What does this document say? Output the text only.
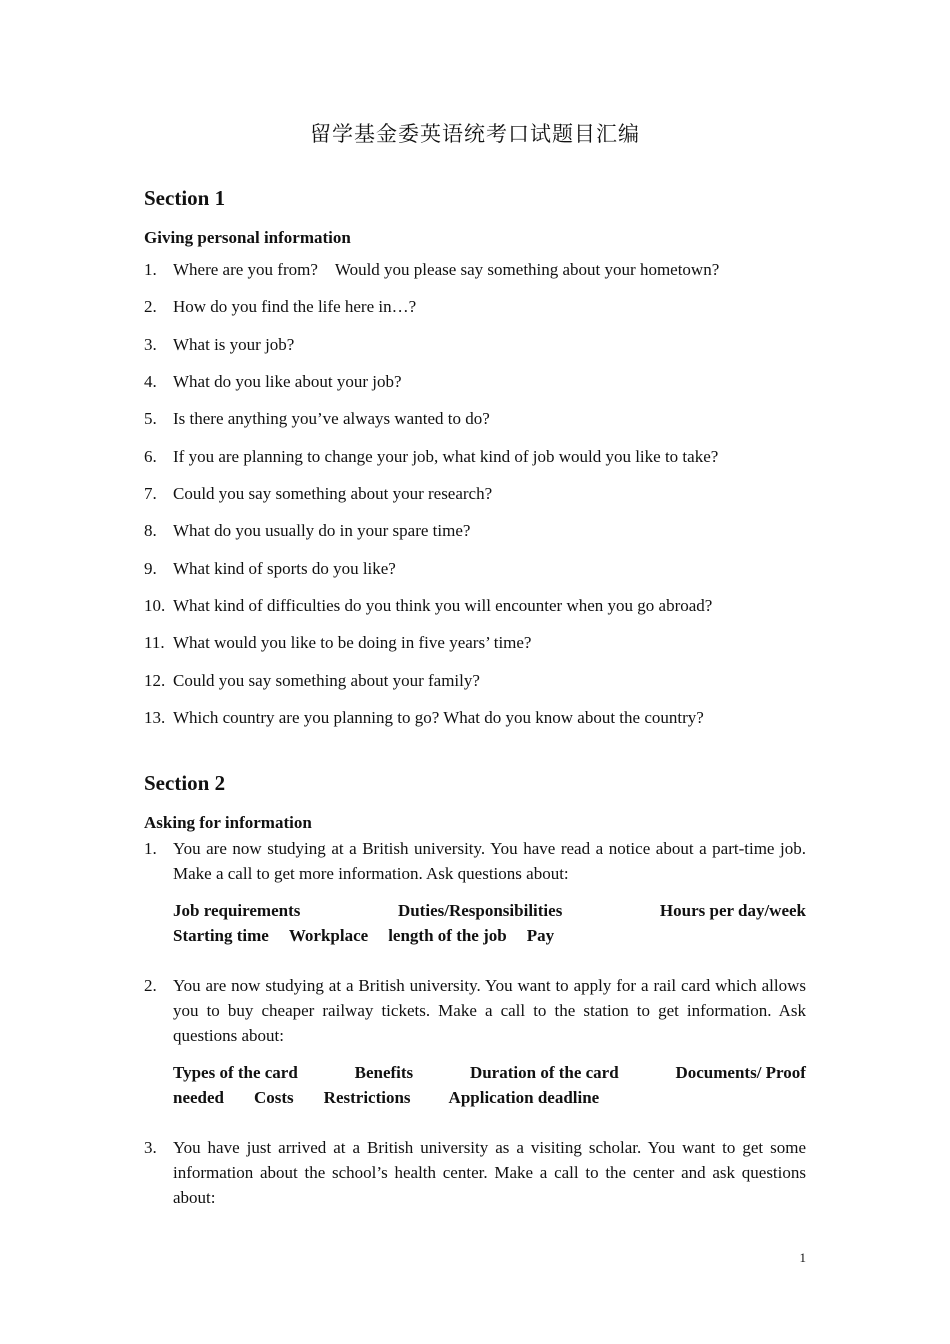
留学基金委英语统考口试题目汇编
Section 1
Giving personal information
1. Where are you from?    Would you please say something about your hometown?
2. How do you find the life here in…?
3. What is your job?
4. What do you like about your job?
5. Is there anything you’ve always wanted to do?
6. If you are planning to change your job, what kind of job would you like to take?
7. Could you say something about your research?
8. What do you usually do in your spare time?
9. What kind of sports do you like?
10. What kind of difficulties do you think you will encounter when you go abroad?
11. What would you like to be doing in five years’ time?
12. Could you say something about your family?
13. Which country are you planning to go? What do you know about the country?
Section 2
Asking for information
1. You are now studying at a British university. You have read a notice about a part-time job. Make a call to get more information. Ask questions about:
Job requirements	Duties/Responsibilities	Hours per day/week
Starting time Workplace length of the job Pay
2. You are now studying at a British university. You want to apply for a rail card which allows you to buy cheaper railway tickets. Make a call to the station to get information. Ask questions about:
Types of the card	Benefits	Duration of the card	Documents/ Proof
needed Costs Restrictions Application deadline
3. You have just arrived at a British university as a visiting scholar. You want to get some information about the school’s health center. Make a call to the center and ask questions about:
1
